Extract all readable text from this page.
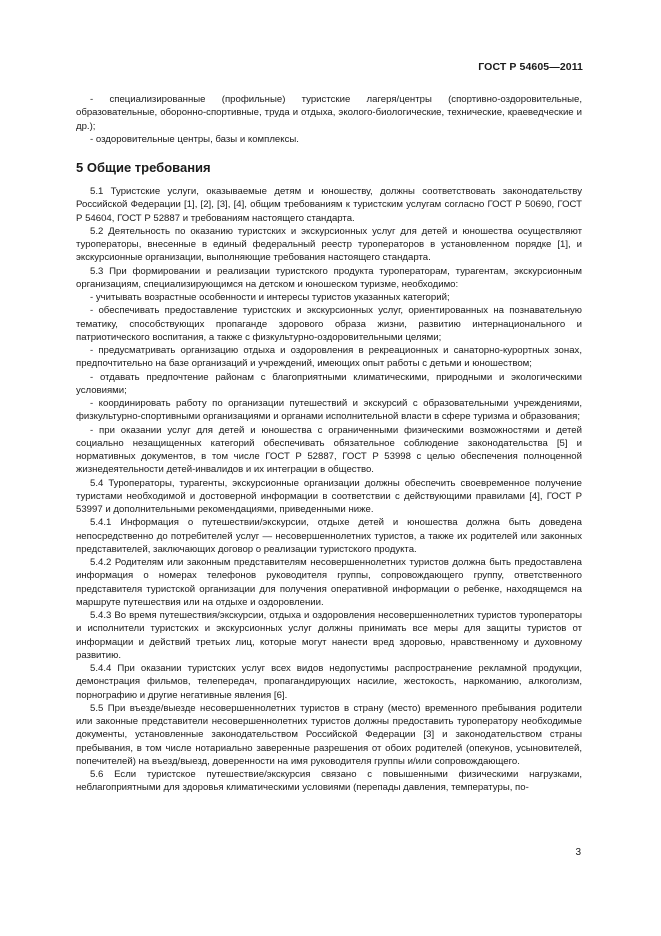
ГОСТ Р 54605—2011

- специализированные (профильные) туристские лагеря/центры (спортивно-оздоровительные, образовательные, оборонно-спортивные, труда и отдыха, эколого-биологические, технические, краеведческие и др.);

- оздоровительные центры, базы и комплексы.

5 Общие требования

5.1 Туристские услуги, оказываемые детям и юношеству, должны соответствовать законодательству Российской Федерации [1], [2], [3], [4], общим требованиям к туристским услугам согласно ГОСТ Р 50690, ГОСТ Р 54604, ГОСТ Р 52887 и требованиям настоящего стандарта.

5.2 Деятельность по оказанию туристских и экскурсионных услуг для детей и юношества осуществляют туроператоры, внесенные в единый федеральный реестр туроператоров в установленном порядке [1], и экскурсионные организации, выполняющие требования настоящего стандарта.

5.3 При формировании и реализации туристского продукта туроператорам, турагентам, экскурсионным организациям, специализирующимся на детском и юношеском туризме, необходимо:

- учитывать возрастные особенности и интересы туристов указанных категорий;

- обеспечивать предоставление туристских и экскурсионных услуг, ориентированных на познавательную тематику, способствующих пропаганде здорового образа жизни, развитию интернационального и патриотического воспитания, а также с физкультурно-оздоровительными целями;

- предусматривать организацию отдыха и оздоровления в рекреационных и санаторно-курортных зонах, предпочтительно на базе организаций и учреждений, имеющих опыт работы с детьми и юношеством;

- отдавать предпочтение районам с благоприятными климатическими, природными и экологическими условиями;

- координировать работу по организации путешествий и экскурсий с образовательными учреждениями, физкультурно-спортивными организациями и органами исполнительной власти в сфере туризма и образования;

- при оказании услуг для детей и юношества с ограниченными физическими возможностями и детей социально незащищенных категорий обеспечивать обязательное соблюдение законодательства [5] и нормативных документов, в том числе ГОСТ Р 52887, ГОСТ Р 53998 с целью обеспечения полноценной жизнедеятельности детей-инвалидов и их интеграции в общество.

5.4 Туроператоры, турагенты, экскурсионные организации должны обеспечить своевременное получение туристами необходимой и достоверной информации в соответствии с действующими правилами [4], ГОСТ Р 53997 и дополнительными рекомендациями, приведенными ниже.

5.4.1 Информация о путешествии/экскурсии, отдыхе детей и юношества должна быть доведена непосредственно до потребителей услуг — несовершеннолетних туристов, а также их родителей или законных представителей, заключающих договор о реализации туристского продукта.

5.4.2 Родителям или законным представителям несовершеннолетних туристов должна быть предоставлена информация о номерах телефонов руководителя группы, сопровождающего группу, ответственного представителя туристской организации для получения оперативной информации о ребенке, находящемся на маршруте путешествия или на отдыхе и оздоровлении.

5.4.3 Во время путешествия/экскурсии, отдыха и оздоровления несовершеннолетних туристов туроператоры и исполнители туристских и экскурсионных услуг должны принимать все меры для защиты туристов от информации и действий третьих лиц, которые могут нанести вред здоровью, нравственному и духовному развитию.

5.4.4 При оказании туристских услуг всех видов недопустимы распространение рекламной продукции, демонстрация фильмов, телепередач, пропагандирующих насилие, жестокость, наркоманию, алкоголизм, порнографию и другие негативные явления [6].

5.5 При въезде/выезде несовершеннолетних туристов в страну (место) временного пребывания родители или законные представители несовершеннолетних туристов должны предоставить туроператору необходимые документы, установленные законодательством Российской Федерации [3] и законодательством страны пребывания, в том числе нотариально заверенные разрешения от обоих родителей (опекунов, усыновителей, попечителей) на въезд/выезд, доверенности на имя руководителя группы и/или сопровождающего.

5.6 Если туристское путешествие/экскурсия связано с повышенными физическими нагрузками, неблагоприятными для здоровья климатическими условиями (перепады давления, температуры, по-

3
